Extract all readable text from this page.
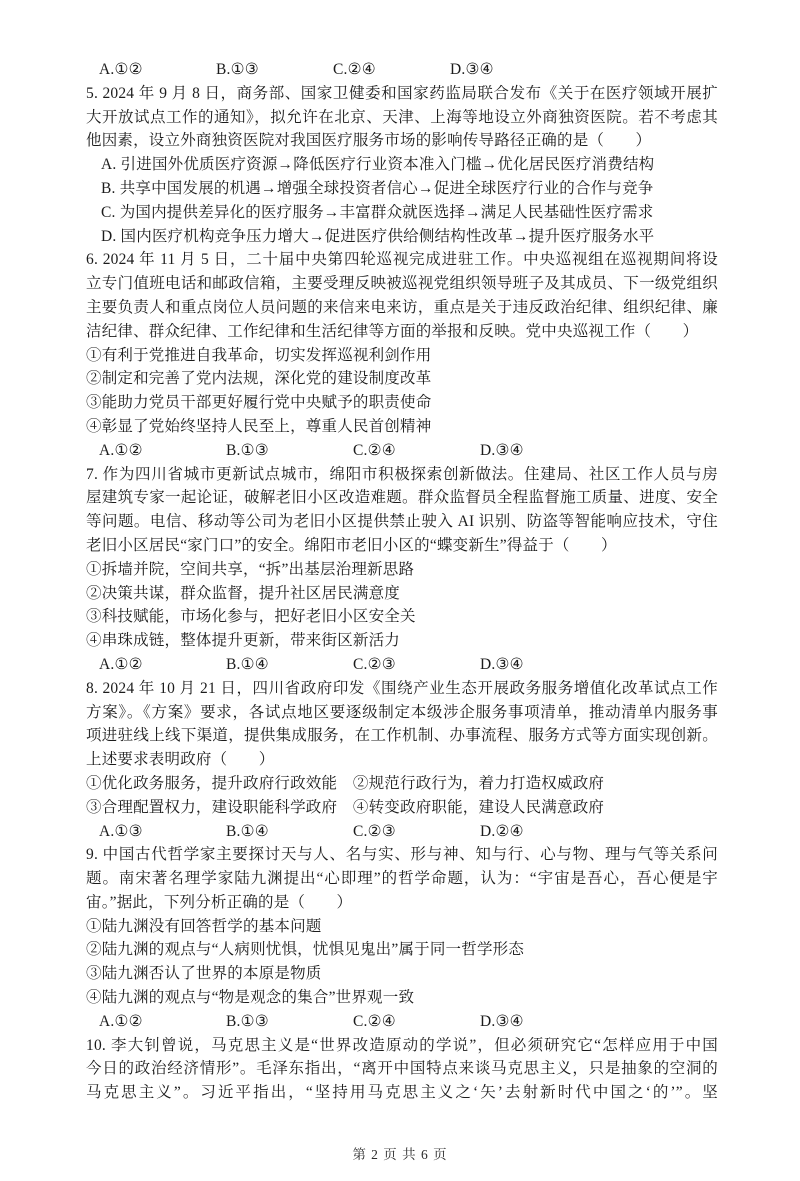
A.①②	B.①③	C.②④	D.③④
5. 2024 年 9 月 8 日，商务部、国家卫健委和国家药监局联合发布《关于在医疗领域开展扩
大开放试点工作的通知》，拟允许在北京、天津、上海等地设立外商独资医院。若不考虑其
他因素，设立外商独资医院对我国医疗服务市场的影响传导路径正确的是（　　）
A. 引进国外优质医疗资源→降低医疗行业资本准入门槛→优化居民医疗消费结构
B. 共享中国发展的机遇→增强全球投资者信心→促进全球医疗行业的合作与竞争
C. 为国内提供差异化的医疗服务→丰富群众就医选择→满足人民基础性医疗需求
D. 国内医疗机构竞争压力增大→促进医疗供给侧结构性改革→提升医疗服务水平
6. 2024 年 11 月 5 日，二十届中央第四轮巡视完成进驻工作。中央巡视组在巡视期间将设
立专门值班电话和邮政信箱，主要受理反映被巡视党组织领导班子及其成员、下一级党组织
主要负责人和重点岗位人员问题的来信来电来访，重点是关于违反政治纪律、组织纪律、廉
洁纪律、群众纪律、工作纪律和生活纪律等方面的举报和反映。党中央巡视工作（　　）
①有利于党推进自我革命，切实发挥巡视利剑作用
②制定和完善了党内法规，深化党的建设制度改革
③能助力党员干部更好履行党中央赋予的职责使命
④彰显了党始终坚持人民至上，尊重人民首创精神
A.①②	B.①③	C.②④	D.③④
7. 作为四川省城市更新试点城市，绵阳市积极探索创新做法。住建局、社区工作人员与房
屋建筑专家一起论证，破解老旧小区改造难题。群众监督员全程监督施工质量、进度、安全
等问题。电信、移动等公司为老旧小区提供禁止驶入 AI 识别、防盗等智能响应技术，守住
老旧小区居民“家门口”的安全。绵阳市老旧小区的“蝶变新生”得益于（　　）
①拆墙并院，空间共享，“拆”出基层治理新思路
②决策共谋，群众监督，提升社区居民满意度
③科技赋能，市场化参与，把好老旧小区安全关
④串珠成链，整体提升更新，带来街区新活力
A.①②	B.①④	C.②③	D.③④
8. 2024 年 10 月 21 日，四川省政府印发《围绕产业生态开展政务服务增值化改革试点工作
方案》。《方案》要求，各试点地区要逐级制定本级涉企服务事项清单，推动清单内服务事
项进驻线上线下渠道，提供集成服务，在工作机制、办事流程、服务方式等方面实现创新。
上述要求表明政府（　　）
①优化政务服务，提升政府行政效能　②规范行政行为，着力打造权威政府
③合理配置权力，建设职能科学政府　④转变政府职能，建设人民满意政府
A.①③	B.①④	C.②③	D.②④
9. 中国古代哲学家主要探讨天与人、名与实、形与神、知与行、心与物、理与气等关系问
题。南宋著名理学家陆九渊提出“心即理”的哲学命题，认为：“宇宙是吾心，吾心便是宇
宙。”据此，下列分析正确的是（　　）
①陆九渊没有回答哲学的基本问题
②陆九渊的观点与“人病则忧惧，忧惧见鬼出”属于同一哲学形态
③陆九渊否认了世界的本原是物质
④陆九渊的观点与“物是观念的集合”世界观一致
A.①②	B.①③	C.②④	D.③④
10. 李大钊曾说，马克思主义是“世界改造原动的学说”，但必须研究它“怎样应用于中国
今日的政治经济情形”。毛泽东指出，“离开中国特点来谈马克思主义，只是抽象的空洞的
马克思主义”。习近平指出，“坚持用马克思主义之‘矢’去射新时代中国之‘的’”。坚
第 2 页 共 6 页
